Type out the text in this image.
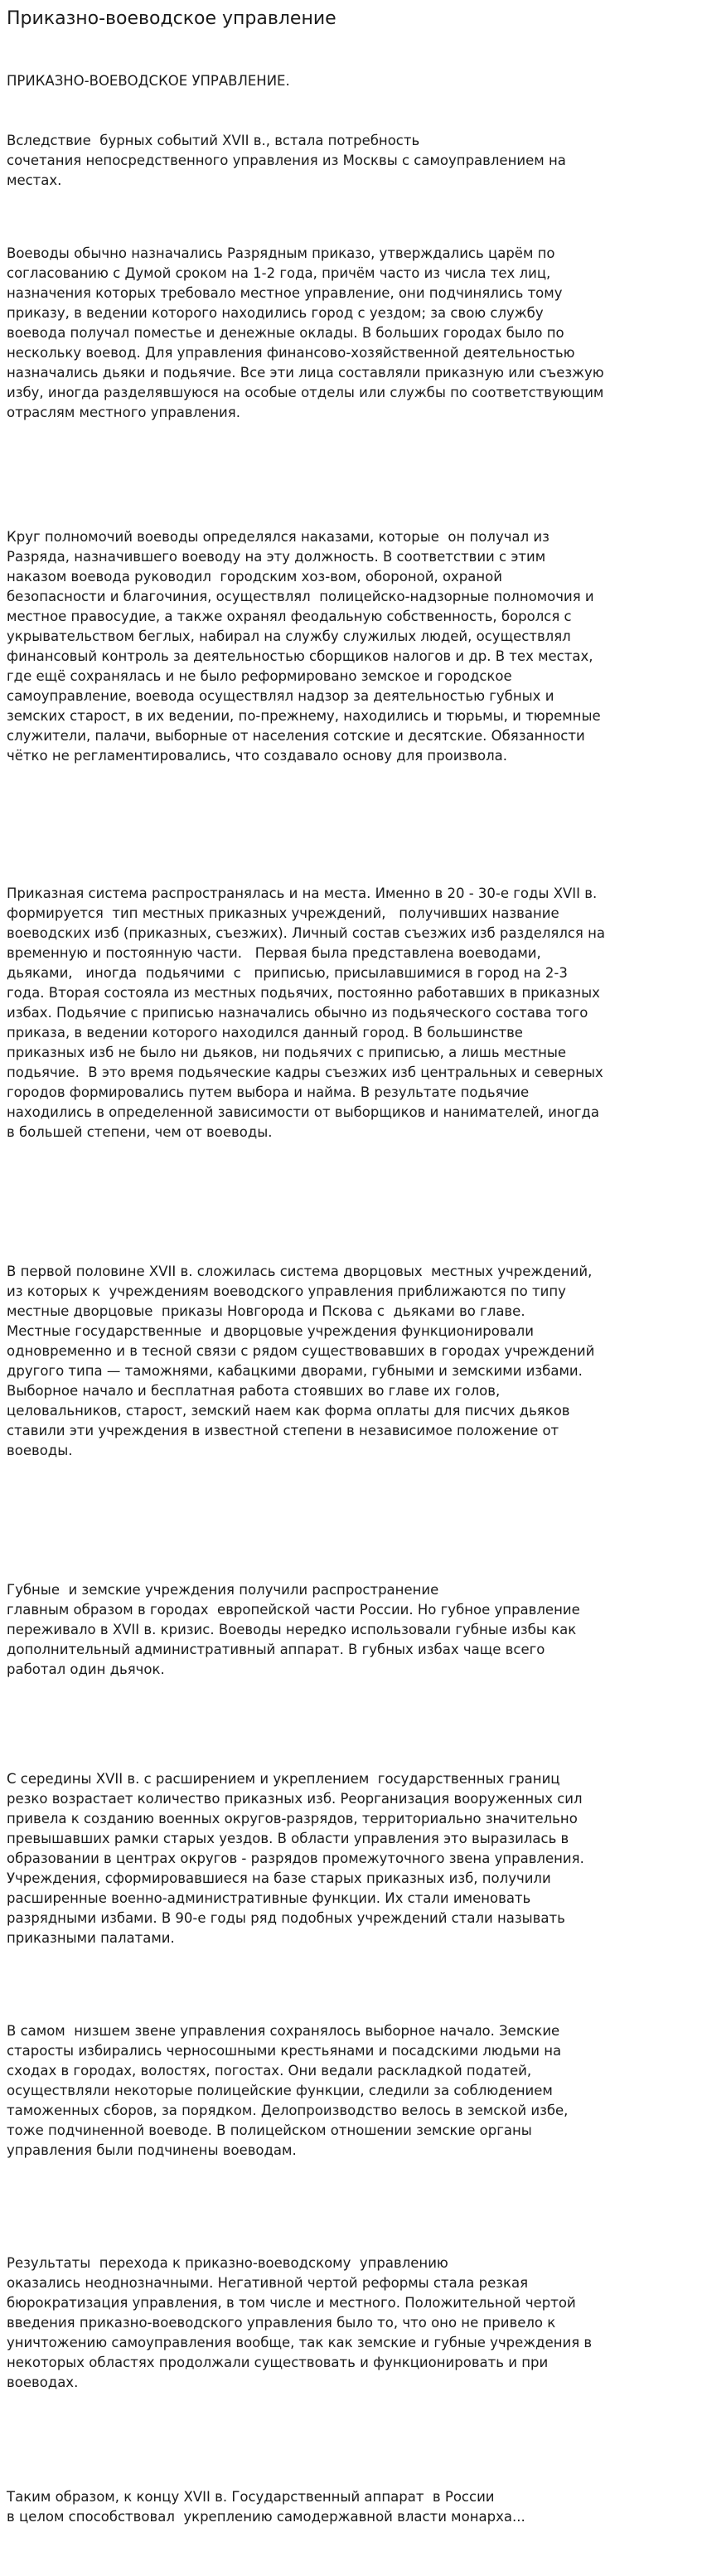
Приказно-воеводское управление

ПРИКАЗНО-ВОЕВОДСКОЕ УПРАВЛЕНИЕ.

Вследствие  бурных событий XVII в., встала потребность
сочетания непосредственного управления из Москвы с самоуправлением на
местах.

Воеводы обычно назначались Разрядным приказо, утверждались царём по
согласованию с Думой сроком на 1-2 года, причём часто из числа тех лиц,
назначения которых требовало местное управление, они подчинялись тому
приказу, в ведении которого находились город с уездом; за свою службу
воевода получал поместье и денежные оклады. В больших городах было по
нескольку воевод. Для управления финансово-хозяйственной деятельностью
назначались дьяки и подьячие. Все эти лица составляли приказную или съезжую
избу, иногда разделявшуюся на особые отделы или службы по соответствующим
отраслям местного управления.

Круг полномочий воеводы определялся наказами, которые  он получал из
Разряда, назначившего воеводу на эту должность. В соответствии с этим
наказом воевода руководил  городским хоз-вом, обороной, охраной
безопасности и благочиния, осуществлял  полицейско-надзорные полномочия и
местное правосудие, а также охранял феодальную собственность, боролся с
укрывательством беглых, набирал на службу служилых людей, осуществлял
финансовый контроль за деятельностью сборщиков налогов и др. В тех местах,
где ещё сохранялась и не было реформировано земское и городское
самоуправление, воевода осуществлял надзор за деятельностью губных и
земских старост, в их ведении, по-прежнему, находились и тюрьмы, и тюремные
служители, палачи, выборные от населения сотские и десятские. Обязанности
чётко не регламентировались, что создавало основу для произвола.

Приказная система распространялась и на места. Именно в 20 - 30-е годы XVII в.
формируется  тип местных приказных учреждений,   получивших название
воеводских изб (приказных, съезжих). Личный состав съезжих изб разделялся на
временную и постоянную части.   Первая была представлена воеводами,
дьяками,   иногда  подьячими  с   приписью, присылавшимися в город на 2-3
года. Вторая состояла из местных подьячих, постоянно работавших в приказных
избах. Подьячие с приписью назначались обычно из подьяческого состава того
приказа, в ведении которого находился данный город. В большинстве
приказных изб не было ни дьяков, ни подьячих с приписью, а лишь местные
подьячие.  В это время подьяческие кадры съезжих изб центральных и северных
городов формировались путем выбора и найма. В результате подьячие
находились в определенной зависимости от выборщиков и нанимателей, иногда
в большей степени, чем от воеводы.

В первой половине XVII в. сложилась система дворцовых  местных учреждений,
из которых к  учреждениям воеводского управления приближаются по типу
местные дворцовые  приказы Новгорода и Пскова с  дьяками во главе.
Местные государственные  и дворцовые учреждения функционировали
одновременно и в тесной связи с рядом существовавших в городах учреждений
другого типа — таможнями, кабацкими дворами, губными и земскими избами.
Выборное начало и бесплатная работа стоявших во главе их голов,
целовальников, старост, земский наем как форма оплаты для писчих дьяков
ставили эти учреждения в известной степени в независимое положение от
воеводы.

Губные  и земские учреждения получили распространение
главным образом в городах  европейской части России. Но губное управление
переживало в XVII в. кризис. Воеводы нередко использовали губные избы как
дополнительный административный аппарат. В губных избах чаще всего
работал один дьячок.

С середины XVII в. с расширением и укреплением  государственных границ
резко возрастает количество приказных изб. Реорганизация вооруженных сил
привела к созданию военных округов-разрядов, территориально значительно
превышавших рамки старых уездов. В области управления это выразилась в
образовании в центрах округов - разрядов промежуточного звена управления.
Учреждения, сформировавшиеся на базе старых приказных изб, получили
расширенные военно-административные функции. Их стали именовать
разрядными избами. В 90-е годы ряд подобных учреждений стали называть
приказными палатами.

В самом  низшем звене управления сохранялось выборное начало. Земские
старосты избирались черносошными крестьянами и посадскими людьми на
сходах в городах, волостях, погостах. Они ведали раскладкой податей,
осуществляли некоторые полицейские функции, следили за соблюдением
таможенных сборов, за порядком. Делопроизводство велось в земской избе,
тоже подчиненной воеводе. В полицейском отношении земские органы
управления были подчинены воеводам.

Результаты  перехода к приказно-воеводскому  управлению
оказались неоднозначными. Негативной чертой реформы стала резкая
бюрократизация управления, в том числе и местного. Положительной чертой
введения приказно-воеводского управления было то, что оно не привело к
уничтожению самоуправления вообще, так как земские и губные учреждения в
некоторых областях продолжали существовать и функционировать и при
воеводах.

Таким образом, к концу XVII в. Государственный аппарат  в России
в целом способствовал  укреплению самодержавной власти монарха...
